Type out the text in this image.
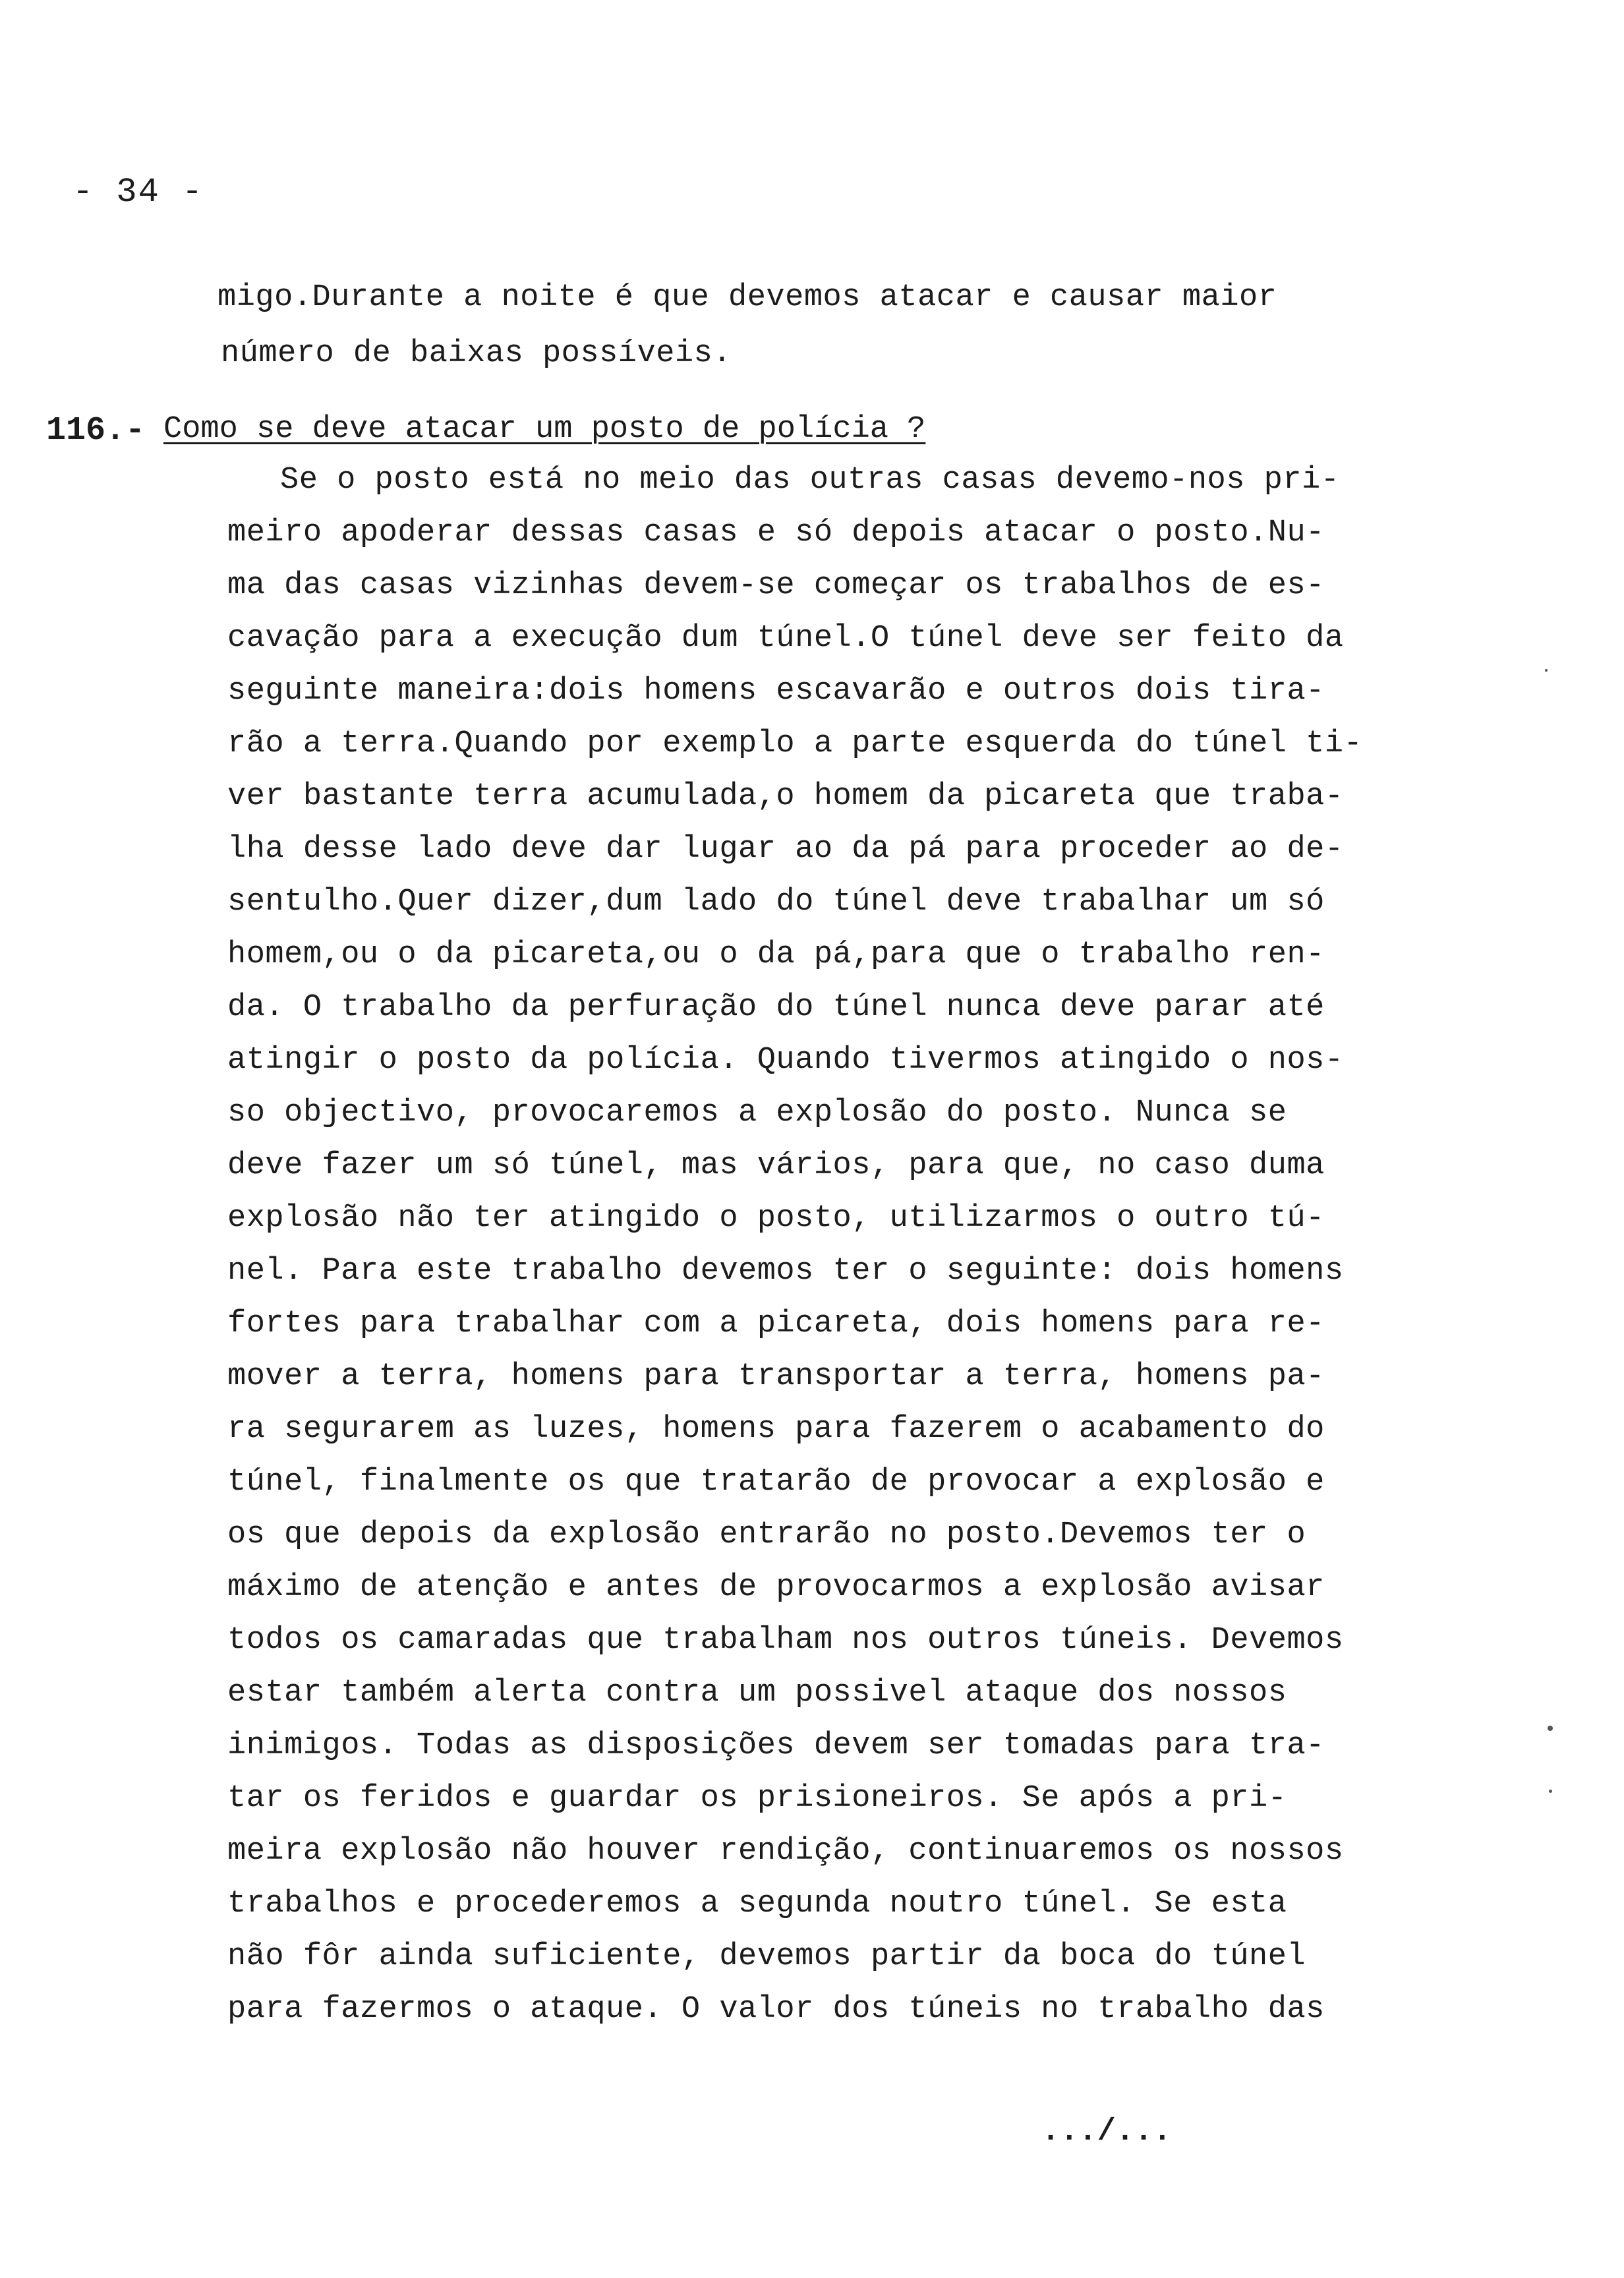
- 34 -
migo.Durante a noite é que devemos atacar e causar maior
número de baixas possíveis.
116.- Como se deve atacar um posto de polícia ?
Se o posto está no meio das outras casas devemo-nos pri-
meiro apoderar dessas casas e só depois atacar o posto.Nu-
ma das casas vizinhas devem-se começar os trabalhos de es-
cavação para a execução dum túnel.O túnel deve ser feito da
seguinte maneira:dois homens escavarão e outros dois tira-
rão a terra.Quando por exemplo a parte esquerda do túnel ti-
ver bastante terra acumulada,o homem da picareta que traba-
lha desse lado deve dar lugar ao da pá para proceder ao de-
sentulho.Quer dizer,dum lado do túnel deve trabalhar um só
homem,ou o da picareta,ou o da pá,para que o trabalho ren-
da. O trabalho da perfuração do túnel nunca deve parar até
atingir o posto da polícia. Quando tivermos atingido o nos-
so objectivo, provocaremos a explosão do posto. Nunca se
deve fazer um só túnel, mas vários, para que, no caso duma
explosão não ter atingido o posto, utilizarmos o outro tú-
nel. Para este trabalho devemos ter o seguinte: dois homens
fortes para trabalhar com a picareta, dois homens para re-
mover a terra, homens para transportar a terra, homens pa-
ra segurarem as luzes, homens para fazerem o acabamento do
túnel, finalmente os que tratarão de provocar a explosão e
os que depois da explosão entrarão no posto.Devemos ter o
máximo de atenção e antes de provocarmos a explosão avisar
todos os camaradas que trabalham nos outros túneis. Devemos
estar também alerta contra um possivel ataque dos nossos
inimigos. Todas as disposições devem ser tomadas para tra-
tar os feridos e guardar os prisioneiros. Se após a pri-
meira explosão não houver rendição, continuaremos os nossos
trabalhos e procederemos a segunda noutro túnel. Se esta
não fôr ainda suficiente, devemos partir da boca do túnel
para fazermos o ataque. O valor dos túneis no trabalho das
.../...
